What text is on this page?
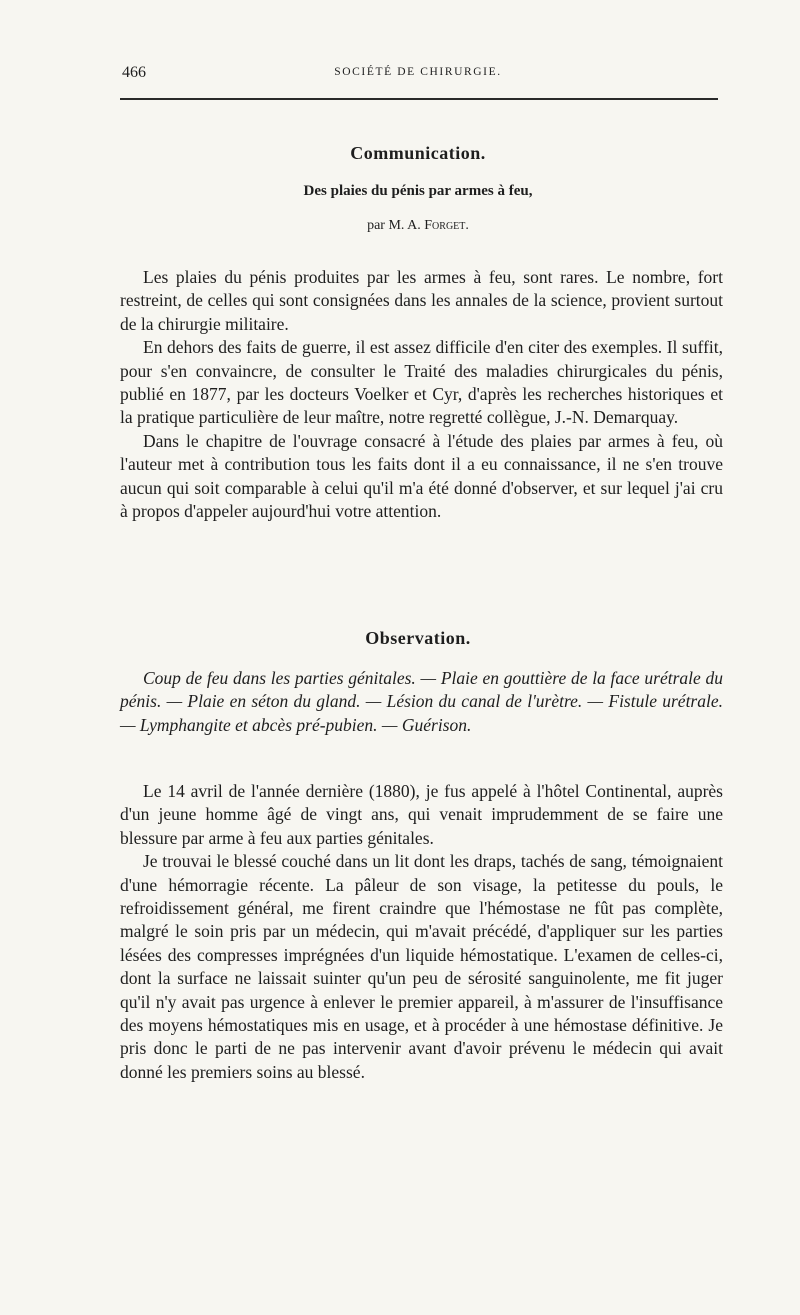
466	SOCIÉTÉ DE CHIRURGIE.
Communication.
Des plaies du pénis par armes à feu,
par M. A. Forget.

Les plaies du pénis produites par les armes à feu, sont rares. Le nombre, fort restreint, de celles qui sont consignées dans les annales de la science, provient surtout de la chirurgie militaire.

En dehors des faits de guerre, il est assez difficile d'en citer des exemples. Il suffit, pour s'en convaincre, de consulter le Traité des maladies chirurgicales du pénis, publié en 1877, par les docteurs Voelker et Cyr, d'après les recherches historiques et la pratique particulière de leur maître, notre regretté collègue, J.-N. Demarquay.

Dans le chapitre de l'ouvrage consacré à l'étude des plaies par armes à feu, où l'auteur met à contribution tous les faits dont il a eu connaissance, il ne s'en trouve aucun qui soit comparable à celui qu'il m'a été donné d'observer, et sur lequel j'ai cru à propos d'appeler aujourd'hui votre attention.

Observation.

Coup de feu dans les parties génitales. — Plaie en gouttière de la face urétrale du pénis. — Plaie en séton du gland. — Lésion du canal de l'urètre. — Fistule urétrale. — Lymphangite et abcès pré-pubien. — Guérison.

Le 14 avril de l'année dernière (1880), je fus appelé à l'hôtel Continental, auprès d'un jeune homme âgé de vingt ans, qui venait imprudemment de se faire une blessure par arme à feu aux parties génitales.

Je trouvai le blessé couché dans un lit dont les draps, tachés de sang, témoignaient d'une hémorragie récente. La pâleur de son visage, la petitesse du pouls, le refroidissement général, me firent craindre que l'hémostase ne fût pas complète, malgré le soin pris par un médecin, qui m'avait précédé, d'appliquer sur les parties lésées des compresses imprégnées d'un liquide hémostatique. L'examen de celles-ci, dont la surface ne laissait suinter qu'un peu de sérosité sanguinolente, me fit juger qu'il n'y avait pas urgence à enlever le premier appareil, à m'assurer de l'insuffisance des moyens hémostatiques mis en usage, et à procéder à une hémostase définitive. Je pris donc le parti de ne pas intervenir avant d'avoir prévenu le médecin qui avait donné les premiers soins au blessé.
